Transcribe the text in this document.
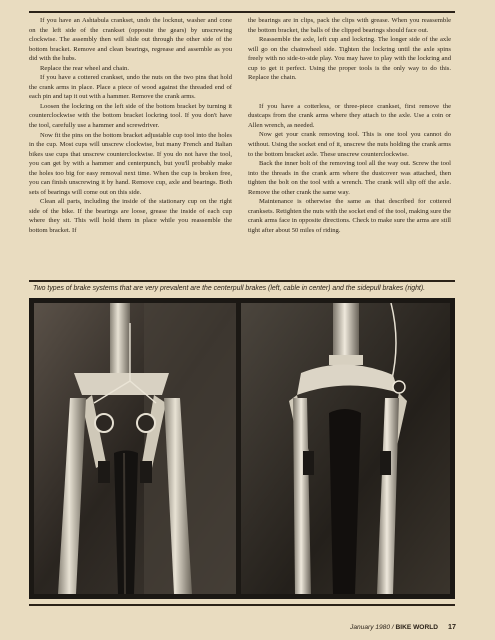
If you have an Ashtabula crankset, undo the locknut, washer and cone on the left side of the crankset (opposite the gears) by unscrewing clockwise. The assembly then will slide out through the other side of the bottom bracket. Remove and clean bearings, regrease and assemble as you did with the hubs.

Replace the rear wheel and chain.

If you have a cottered crankset, undo the nuts on the two pins that hold the crank arms in place. Place a piece of wood against the threaded end of each pin and tap it out with a hammer. Remove the crank arms.

Loosen the lockring on the left side of the bottom bracket by turning it counterclockwise with the bottom bracket lockring tool. If you don't have the tool, carefully use a hammer and screwdriver.

Now fit the pins on the bottom bracket adjustable cup tool into the holes in the cup. Most cups will unscrew clockwise, but many French and Italian bikes use cups that unscrew counterclockwise. If you do not have the tool, you can get by with a hammer and centerpunch, but you'll probably make the holes too big for easy removal next time. When the cup is broken free, you can finish unscrewing it by hand. Remove cup, axle and bearings. Both sets of bearings will come out on this side.

Clean all parts, including the inside of the stationary cup on the right side of the bike. If the bearings are loose, grease the inside of each cup where they sit. This will hold them in place while you reassemble the bottom bracket. If

the bearings are in clips, pack the clips with grease. When you reassemble the bottom bracket, the balls of the clipped bearings should face out.

Reassemble the axle, left cup and lockring. The longer side of the axle will go on the chainwheel side. Tighten the lockring until the axle spins freely with no side-to-side play. You may have to play with the lockring and cup to get it perfect. Using the proper tools is the only way to do this. Replace the chain.

If you have a cotterless, or three-piece crankset, first remove the dustcaps from the crank arms where they attach to the axle. Use a coin or Allen wrench, as needed.

Now get your crank removing tool. This is one tool you cannot do without. Using the socket end of it, unscrew the nuts holding the crank arms to the bottom bracket axle. These unscrew counterclockwise.

Back the inner bolt of the removing tool all the way out. Screw the tool into the threads in the crank arm where the dustcover was attached, then tighten the bolt on the tool with a wrench. The crank will slip off the axle. Remove the other crank the same way.

Maintenance is otherwise the same as that described for cottered cranksets. Retighten the nuts with the socket end of the tool, making sure the crank arms face in opposite directions. Check to make sure the arms are still tight after about 50 miles of riding.

Two types of brake systems that are very prevalent are the centerpull brakes (left, cable in center) and the sidepull brakes (right).
January 1980 / BIKE WORLD 17
